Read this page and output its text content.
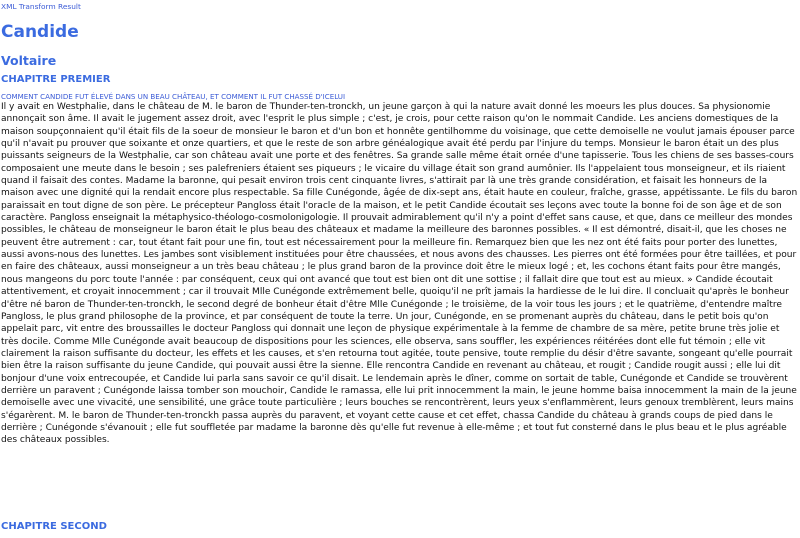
XML Transform Result
Candide
Voltaire
CHAPITRE PREMIER
COMMENT CANDIDE FUT ÉLEVÉ DANS UN BEAU CHÂTEAU, ET COMMENT IL FUT CHASSÉ D'ICELUI

Il y avait en Westphalie, dans le château de M. le baron de Thunder-ten-tronckh, un jeune garçon à qui la nature avait donné les moeurs les plus douces. Sa physionomie annonçait son âme. Il avait le jugement assez droit, avec l'esprit le plus simple ; c'est, je crois, pour cette raison qu'on le nommait Candide. Les anciens domestiques de la maison soupçonnaient qu'il était fils de la soeur de monsieur le baron et d'un bon et honnête gentilhomme du voisinage, que cette demoiselle ne voulut jamais épouser parce qu'il n'avait pu prouver que soixante et onze quartiers, et que le reste de son arbre généalogique avait été perdu par l'injure du temps. Monsieur le baron était un des plus puissants seigneurs de la Westphalie, car son château avait une porte et des fenêtres. Sa grande salle même était ornée d'une tapisserie. Tous les chiens de ses basses-cours composaient une meute dans le besoin ; ses palefreniers étaient ses piqueurs ; le vicaire du village était son grand aumônier. Ils l'appelaient tous monseigneur, et ils riaient quand il faisait des contes. Madame la baronne, qui pesait environ trois cent cinquante livres, s'attirait par là une très grande considération, et faisait les honneurs de la maison avec une dignité qui la rendait encore plus respectable. Sa fille Cunégonde, âgée de dix-sept ans, était haute en couleur, fraîche, grasse, appétissante. Le fils du baron paraissait en tout digne de son père. Le précepteur Pangloss était l'oracle de la maison, et le petit Candide écoutait ses leçons avec toute la bonne foi de son âge et de son caractère. Pangloss enseignait la métaphysico-théologo-cosmolonigologie. Il prouvait admirablement qu'il n'y a point d'effet sans cause, et que, dans ce meilleur des mondes possibles, le château de monseigneur le baron était le plus beau des châteaux et madame la meilleure des baronnes possibles. « Il est démontré, disait-il, que les choses ne peuvent être autrement : car, tout étant fait pour une fin, tout est nécessairement pour la meilleure fin. Remarquez bien que les nez ont été faits pour porter des lunettes, aussi avons-nous des lunettes. Les jambes sont visiblement instituées pour être chaussées, et nous avons des chausses. Les pierres ont été formées pour être taillées, et pour en faire des châteaux, aussi monseigneur a un très beau château ; le plus grand baron de la province doit être le mieux logé ; et, les cochons étant faits pour être mangés, nous mangeons du porc toute l'année : par conséquent, ceux qui ont avancé que tout est bien ont dit une sottise ; il fallait dire que tout est au mieux. » Candide écoutait attentivement, et croyait innocemment ; car il trouvait Mlle Cunégonde extrêmement belle, quoiqu'il ne prît jamais la hardiesse de le lui dire. Il concluait qu'après le bonheur d'être né baron de Thunder-ten-tronckh, le second degré de bonheur était d'être Mlle Cunégonde ; le troisième, de la voir tous les jours ; et le quatrième, d'entendre maître Pangloss, le plus grand philosophe de la province, et par conséquent de toute la terre. Un jour, Cunégonde, en se promenant auprès du château, dans le petit bois qu'on appelait parc, vit entre des broussailles le docteur Pangloss qui donnait une leçon de physique expérimentale à la femme de chambre de sa mère, petite brune très jolie et très docile. Comme Mlle Cunégonde avait beaucoup de dispositions pour les sciences, elle observa, sans souffler, les expériences réitérées dont elle fut témoin ; elle vit clairement la raison suffisante du docteur, les effets et les causes, et s'en retourna tout agitée, toute pensive, toute remplie du désir d'être savante, songeant qu'elle pourrait bien être la raison suffisante du jeune Candide, qui pouvait aussi être la sienne. Elle rencontra Candide en revenant au château, et rougit ; Candide rougit aussi ; elle lui dit bonjour d'une voix entrecoupée, et Candide lui parla sans savoir ce qu'il disait. Le lendemain après le dîner, comme on sortait de table, Cunégonde et Candide se trouvèrent derrière un paravent ; Cunégonde laissa tomber son mouchoir, Candide le ramassa, elle lui prit innocemment la main, le jeune homme baisa innocemment la main de la jeune demoiselle avec une vivacité, une sensibilité, une grâce toute particulière ; leurs bouches se rencontrèrent, leurs yeux s'enflammèrent, leurs genoux tremblèrent, leurs mains s'égarèrent. M. le baron de Thunder-ten-tronckh passa auprès du paravent, et voyant cette cause et cet effet, chassa Candide du château à grands coups de pied dans le derrière ; Cunégonde s'évanouit ; elle fut souffletée par madame la baronne dès qu'elle fut revenue à elle-même ; et tout fut consterné dans le plus beau et le plus agréable des châteaux possibles.

CHAPITRE SECOND
